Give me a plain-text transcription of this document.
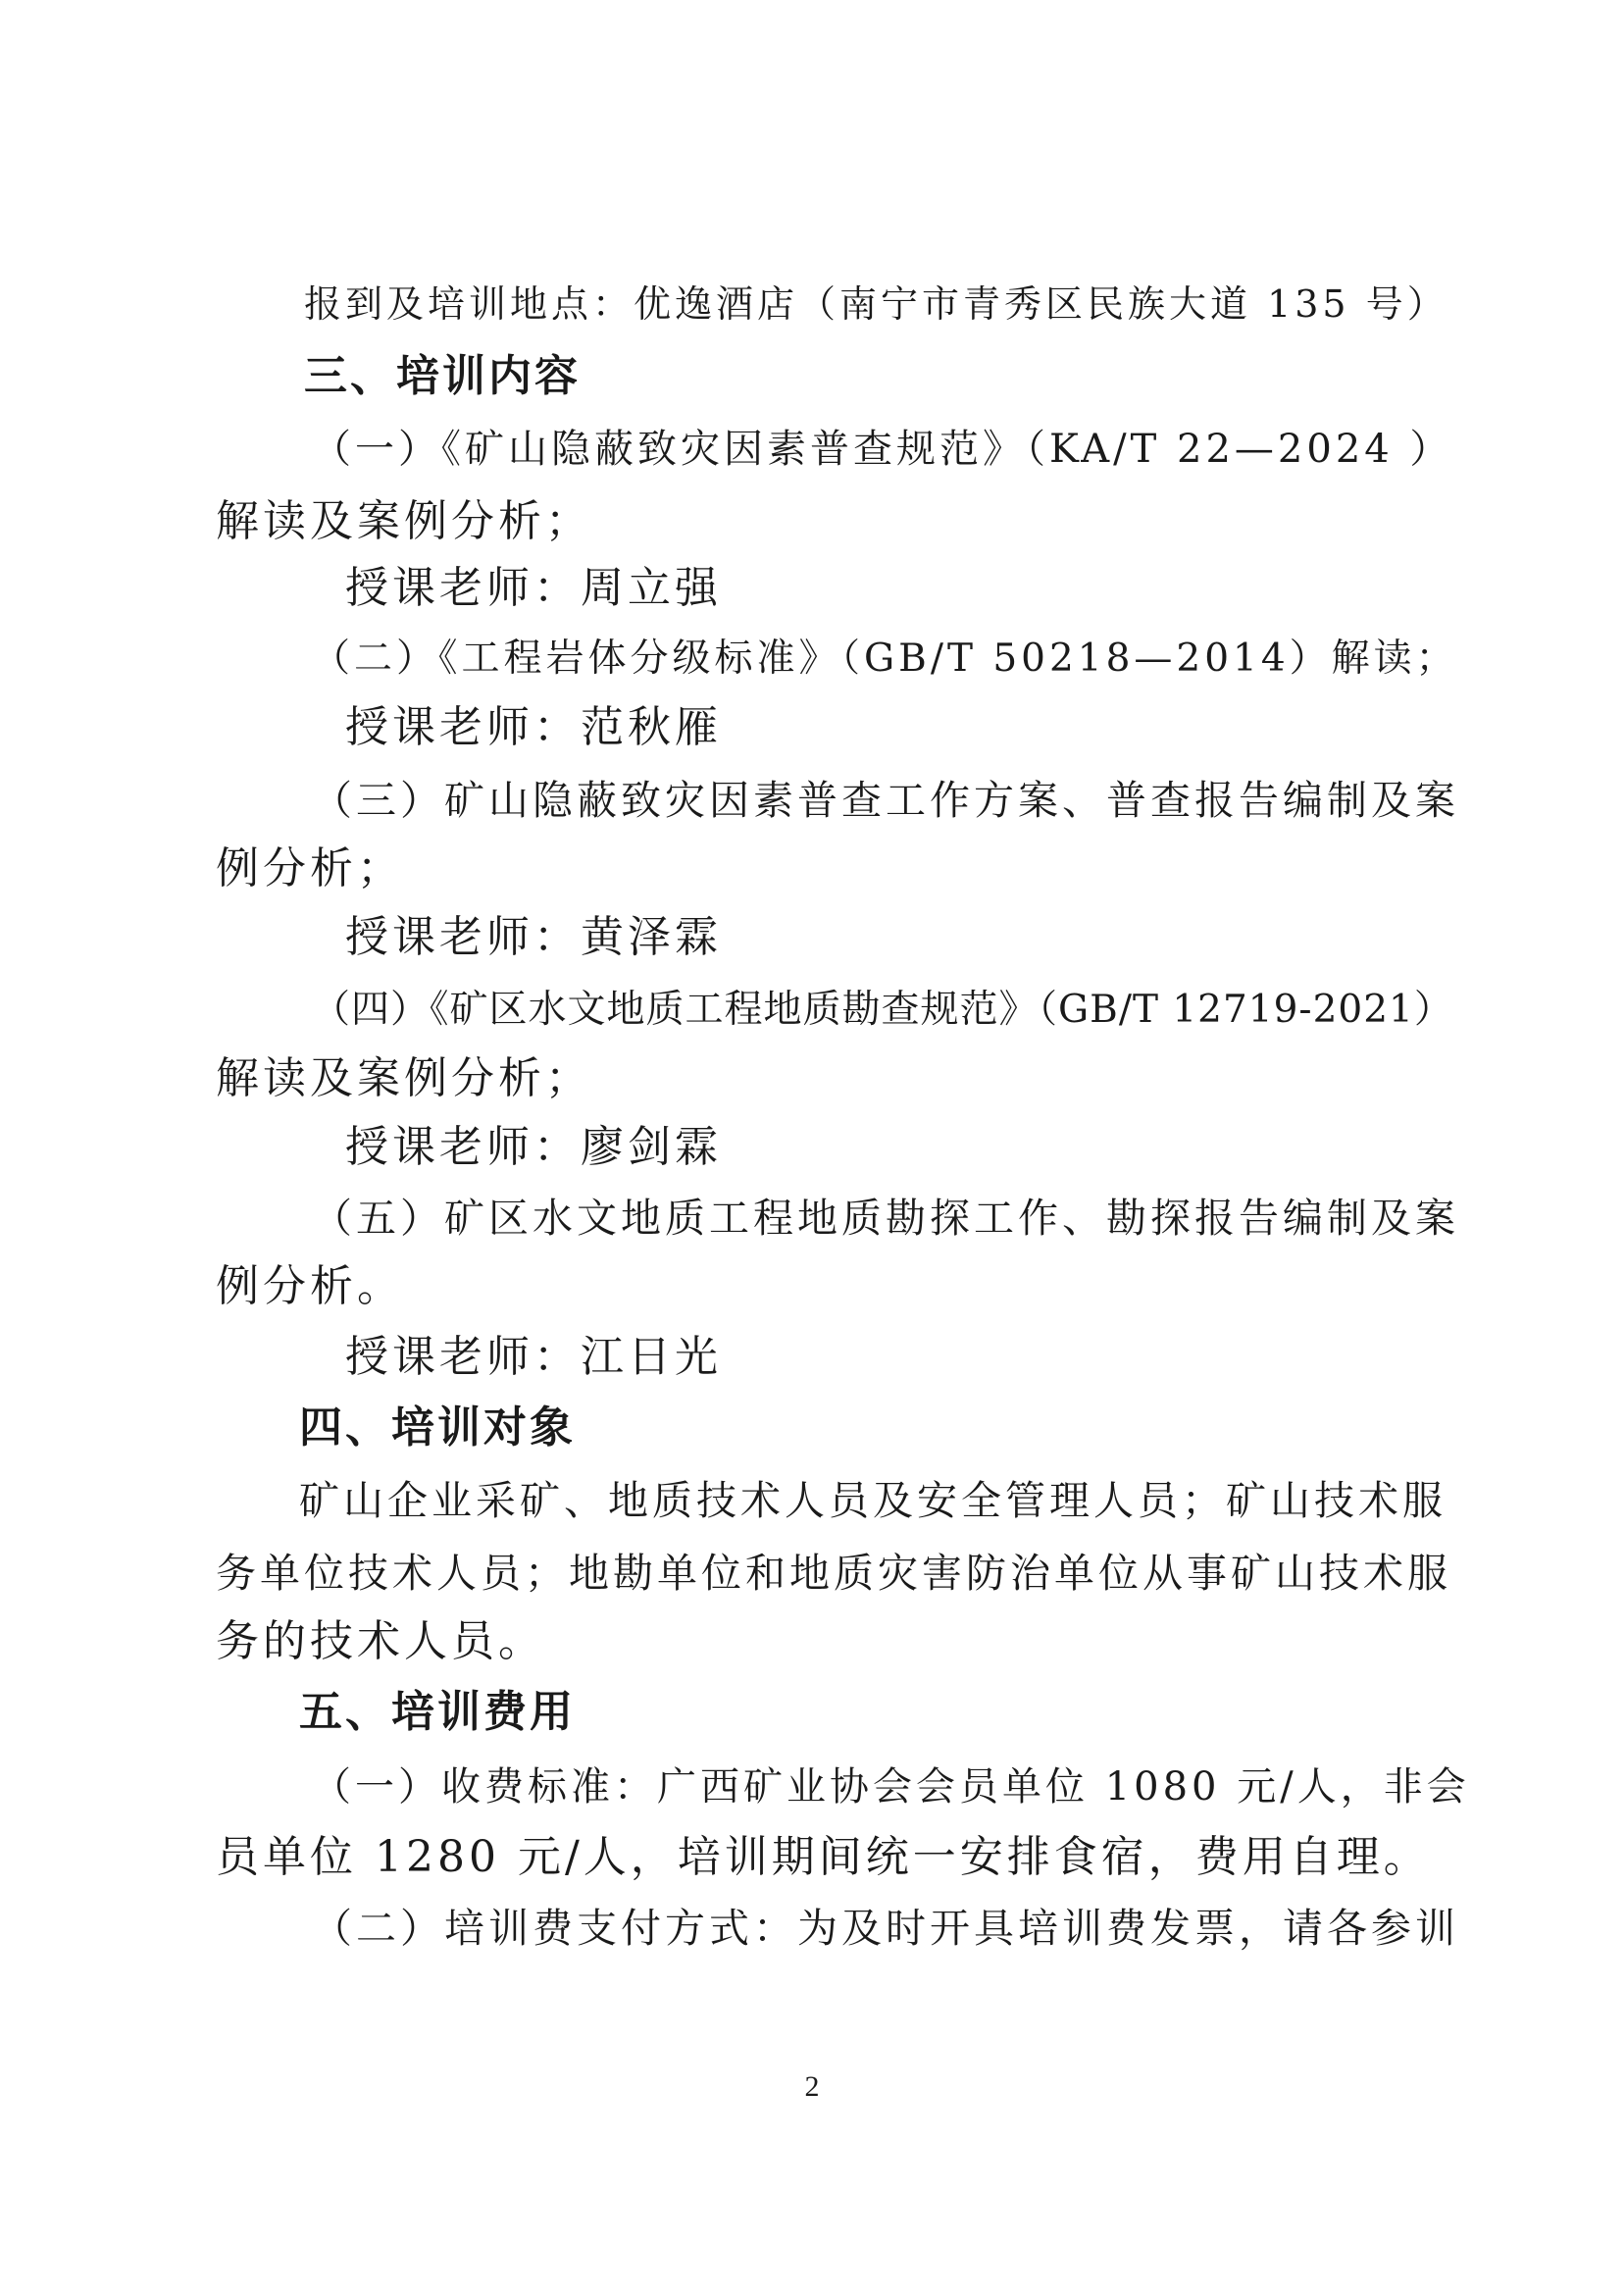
报到及培训地点：优逸酒店（南宁市青秀区民族大道 135 号）
三、培训内容
（一）《矿山隐蔽致灾因素普查规范》（KA/T 22—2024 ）
解读及案例分析；
授课老师：周立强
（二）《工程岩体分级标准》（GB/T 50218—2014）解读；
授课老师：范秋雁
（三）矿山隐蔽致灾因素普查工作方案、普查报告编制及案
例分析；
授课老师：黄泽霖
（四）《矿区水文地质工程地质勘查规范》（GB/T 12719-2021）
解读及案例分析；
授课老师：廖剑霖
（五）矿区水文地质工程地质勘探工作、勘探报告编制及案
例分析。
授课老师：江日光
四、培训对象
矿山企业采矿、地质技术人员及安全管理人员；矿山技术服
务单位技术人员；地勘单位和地质灾害防治单位从事矿山技术服
务的技术人员。
五、培训费用
（一）收费标准：广西矿业协会会员单位 1080 元/人，非会
员单位 1280 元/人，培训期间统一安排食宿，费用自理。
（二）培训费支付方式：为及时开具培训费发票，请各参训
2
